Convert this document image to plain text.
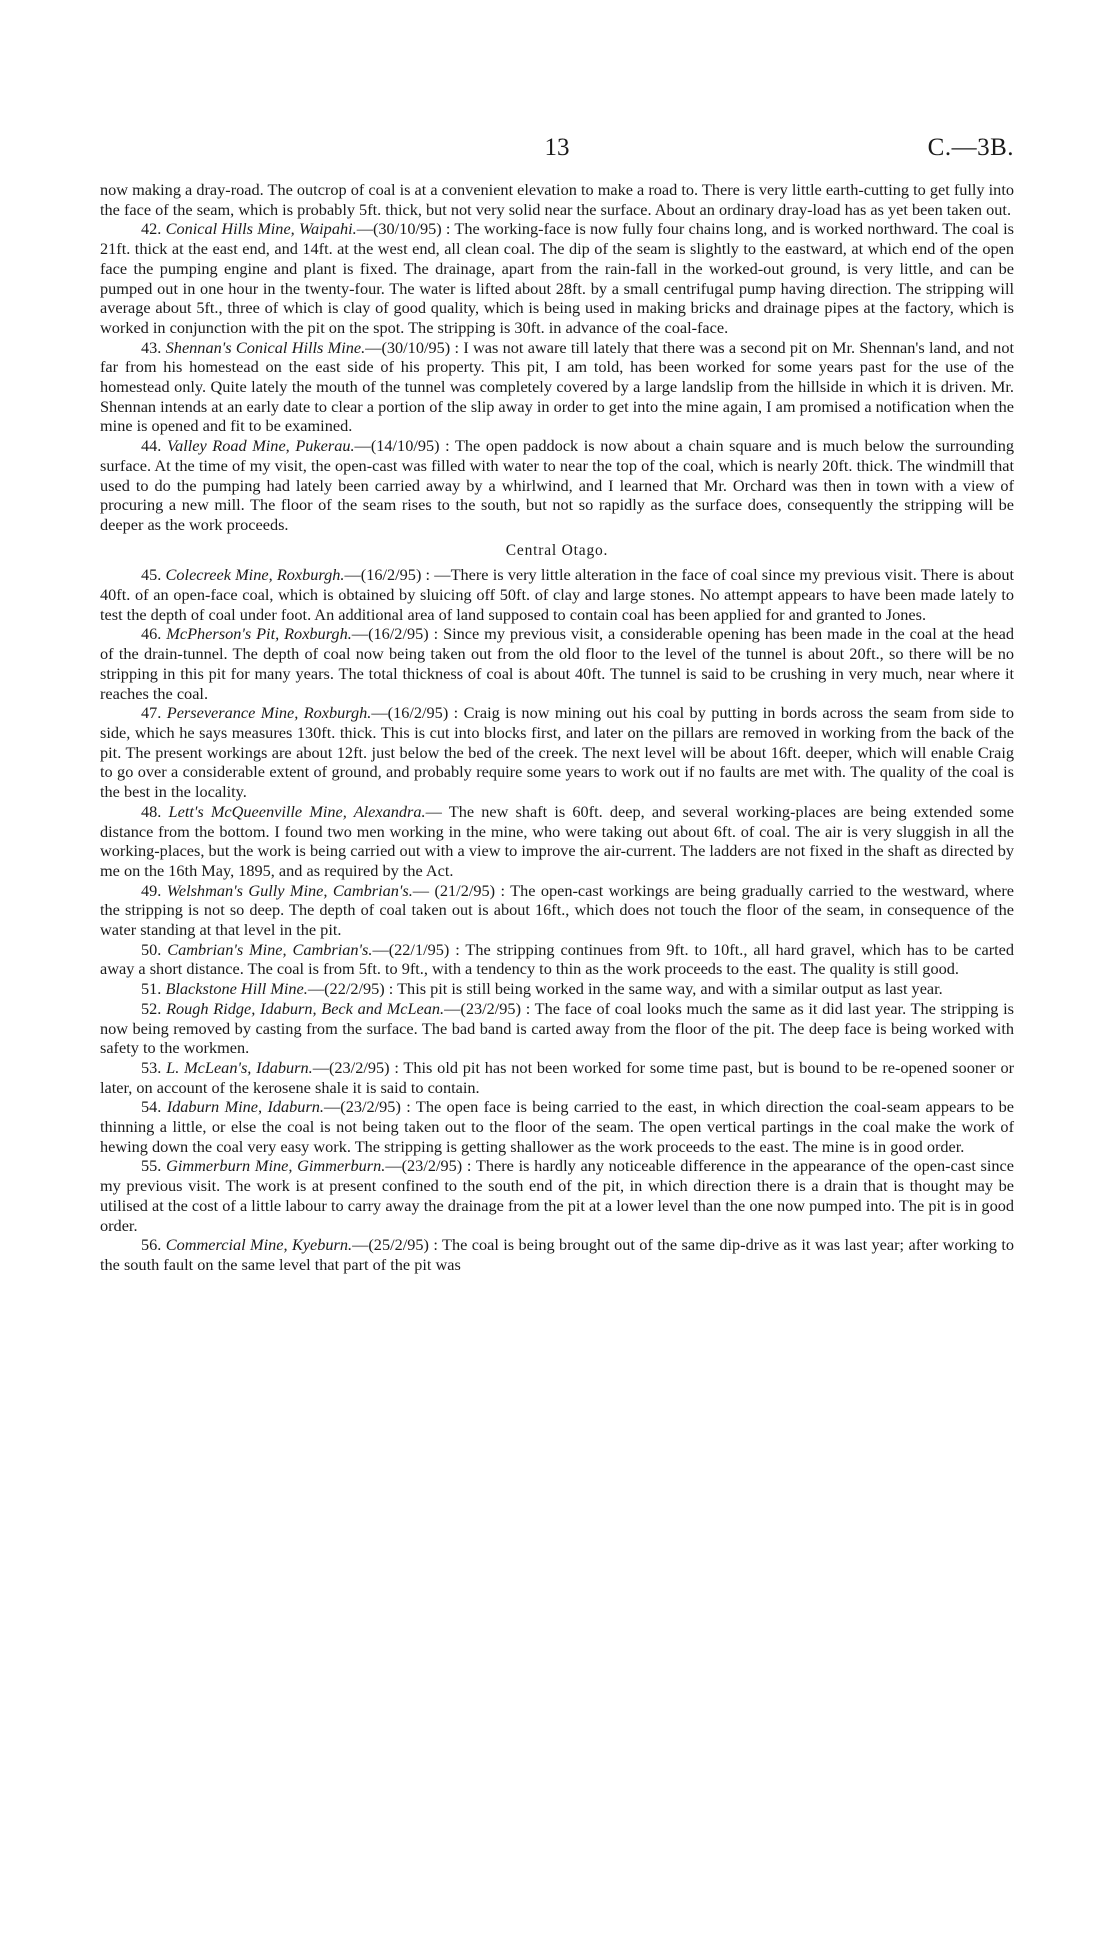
13	C.—3B.

now making a dray-road. The outcrop of coal is at a convenient elevation to make a road to. There is very little earth-cutting to get fully into the face of the seam, which is probably 5ft. thick, but not very solid near the surface. About an ordinary dray-load has as yet been taken out.

42. Conical Hills Mine, Waipahi.—(30/10/95) : The working-face is now fully four chains long, and is worked northward. The coal is 21ft. thick at the east end, and 14ft. at the west end, all clean coal. The dip of the seam is slightly to the eastward, at which end of the open face the pumping engine and plant is fixed. The drainage, apart from the rain-fall in the worked-out ground, is very little, and can be pumped out in one hour in the twenty-four. The water is lifted about 28ft. by a small centrifugal pump having direction. The stripping will average about 5ft., three of which is clay of good quality, which is being used in making bricks and drainage pipes at the factory, which is worked in conjunction with the pit on the spot. The stripping is 30ft. in advance of the coal-face.

43. Shennan's Conical Hills Mine.—(30/10/95) : I was not aware till lately that there was a second pit on Mr. Shennan's land, and not far from his homestead on the east side of his property. This pit, I am told, has been worked for some years past for the use of the homestead only. Quite lately the mouth of the tunnel was completely covered by a large landslip from the hillside in which it is driven. Mr. Shennan intends at an early date to clear a portion of the slip away in order to get into the mine again, I am promised a notification when the mine is opened and fit to be examined.

44. Valley Road Mine, Pukerau.—(14/10/95) : The open paddock is now about a chain square and is much below the surrounding surface. At the time of my visit, the open-cast was filled with water to near the top of the coal, which is nearly 20ft. thick. The windmill that used to do the pumping had lately been carried away by a whirlwind, and I learned that Mr. Orchard was then in town with a view of procuring a new mill. The floor of the seam rises to the south, but not so rapidly as the surface does, consequently the stripping will be deeper as the work proceeds.

Central Otago.

45. Colecreek Mine, Roxburgh.—(16/2/95) : —There is very little alteration in the face of coal since my previous visit. There is about 40ft. of an open-face coal, which is obtained by sluicing off 50ft. of clay and large stones. No attempt appears to have been made lately to test the depth of coal under foot. An additional area of land supposed to contain coal has been applied for and granted to Jones.

46. McPherson's Pit, Roxburgh.—(16/2/95) : Since my previous visit, a considerable opening has been made in the coal at the head of the drain-tunnel. The depth of coal now being taken out from the old floor to the level of the tunnel is about 20ft., so there will be no stripping in this pit for many years. The total thickness of coal is about 40ft. The tunnel is said to be crushing in very much, near where it reaches the coal.

47. Perseverance Mine, Roxburgh.—(16/2/95) : Craig is now mining out his coal by putting in bords across the seam from side to side, which he says measures 130ft. thick. This is cut into blocks first, and later on the pillars are removed in working from the back of the pit. The present workings are about 12ft. just below the bed of the creek. The next level will be about 16ft. deeper, which will enable Craig to go over a considerable extent of ground, and probably require some years to work out if no faults are met with. The quality of the coal is the best in the locality.

48. Lett's McQueenville Mine, Alexandra.— The new shaft is 60ft. deep, and several working-places are being extended some distance from the bottom. I found two men working in the mine, who were taking out about 6ft. of coal. The air is very sluggish in all the working-places, but the work is being carried out with a view to improve the air-current. The ladders are not fixed in the shaft as directed by me on the 16th May, 1895, and as required by the Act.

49. Welshman's Gully Mine, Cambrian's.— (21/2/95) : The open-cast workings are being gradually carried to the westward, where the stripping is not so deep. The depth of coal taken out is about 16ft., which does not touch the floor of the seam, in consequence of the water standing at that level in the pit.

50. Cambrian's Mine, Cambrian's.—(22/1/95) : The stripping continues from 9ft. to 10ft., all hard gravel, which has to be carted away a short distance. The coal is from 5ft. to 9ft., with a tendency to thin as the work proceeds to the east. The quality is still good.

51. Blackstone Hill Mine.—(22/2/95) : This pit is still being worked in the same way, and with a similar output as last year.

52. Rough Ridge, Idaburn, Beck and McLean.—(23/2/95) : The face of coal looks much the same as it did last year. The stripping is now being removed by casting from the surface. The bad band is carted away from the floor of the pit. The deep face is being worked with safety to the workmen.

53. L. McLean's, Idaburn.—(23/2/95) : This old pit has not been worked for some time past, but is bound to be re-opened sooner or later, on account of the kerosene shale it is said to contain.

54. Idaburn Mine, Idaburn.—(23/2/95) : The open face is being carried to the east, in which direction the coal-seam appears to be thinning a little, or else the coal is not being taken out to the floor of the seam. The open vertical partings in the coal make the work of hewing down the coal very easy work. The stripping is getting shallower as the work proceeds to the east. The mine is in good order.

55. Gimmerburn Mine, Gimmerburn.—(23/2/95) : There is hardly any noticeable difference in the appearance of the open-cast since my previous visit. The work is at present confined to the south end of the pit, in which direction there is a drain that is thought may be utilised at the cost of a little labour to carry away the drainage from the pit at a lower level than the one now pumped into. The pit is in good order.

56. Commercial Mine, Kyeburn.—(25/2/95) : The coal is being brought out of the same dip-drive as it was last year; after working to the south fault on the same level that part of the pit was
